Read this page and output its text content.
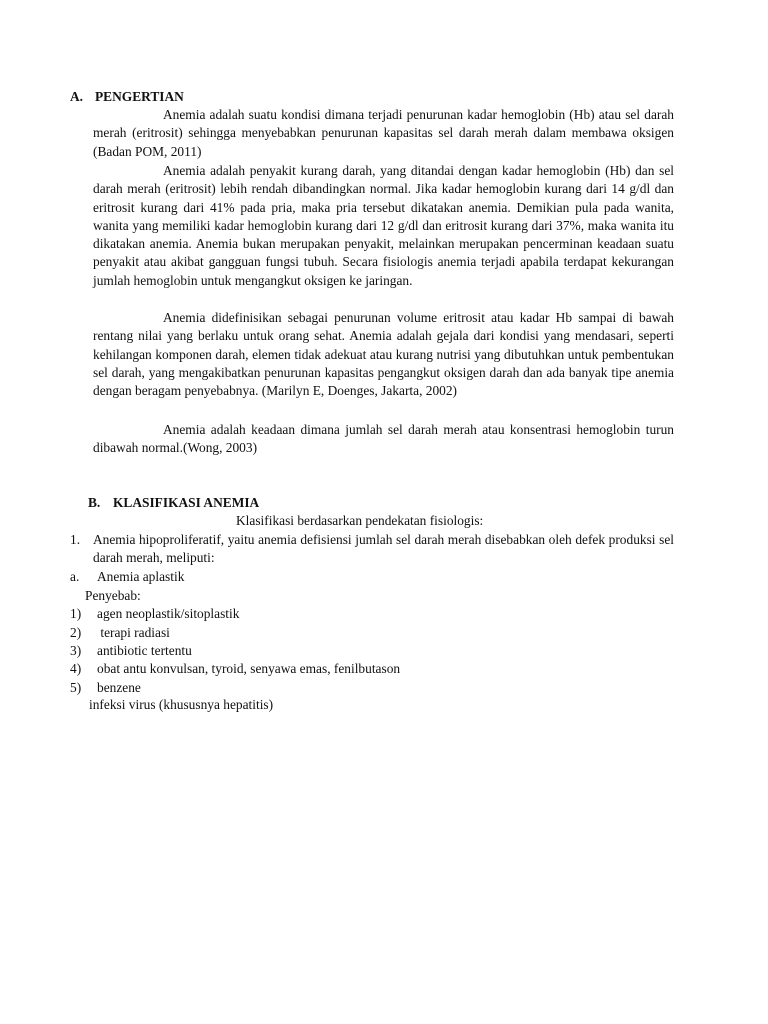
A. PENGERTIAN

Anemia adalah suatu kondisi dimana terjadi penurunan kadar hemoglobin (Hb) atau sel darah merah (eritrosit) sehingga menyebabkan penurunan kapasitas sel darah merah dalam membawa oksigen (Badan POM, 2011)

Anemia adalah penyakit kurang darah, yang ditandai dengan kadar hemoglobin (Hb) dan sel darah merah (eritrosit) lebih rendah dibandingkan normal. Jika kadar hemoglobin kurang dari 14 g/dl dan eritrosit kurang dari 41% pada pria, maka pria tersebut dikatakan anemia. Demikian pula pada wanita, wanita yang memiliki kadar hemoglobin kurang dari 12 g/dl dan eritrosit kurang dari 37%, maka wanita itu dikatakan anemia. Anemia bukan merupakan penyakit, melainkan merupakan pencerminan keadaan suatu penyakit atau akibat gangguan fungsi tubuh. Secara fisiologis anemia terjadi apabila terdapat kekurangan jumlah hemoglobin untuk mengangkut oksigen ke jaringan.

Anemia didefinisikan sebagai penurunan volume eritrosit atau kadar Hb sampai di bawah rentang nilai yang berlaku untuk orang sehat. Anemia adalah gejala dari kondisi yang mendasari, seperti kehilangan komponen darah, elemen tidak adekuat atau kurang nutrisi yang dibutuhkan untuk pembentukan sel darah, yang mengakibatkan penurunan kapasitas pengangkut oksigen darah dan ada banyak tipe anemia dengan beragam penyebabnya. (Marilyn E, Doenges, Jakarta, 2002)

Anemia adalah keadaan dimana jumlah sel darah merah atau konsentrasi hemoglobin turun dibawah normal.(Wong, 2003)

B. KLASIFIKASI ANEMIA
Klasifikasi berdasarkan pendekatan fisiologis:
1. Anemia hipoproliferatif, yaitu anemia defisiensi jumlah sel darah merah disebabkan oleh defek produksi sel darah merah, meliputi:

a. Anemia aplastik
Penyebab:
1) agen neoplastik/sitoplastik
2) terapi radiasi
3) antibiotic tertentu
4) obat antu konvulsan, tyroid, senyawa emas, fenilbutason
5) benzene
infeksi virus (khususnya hepatitis)
